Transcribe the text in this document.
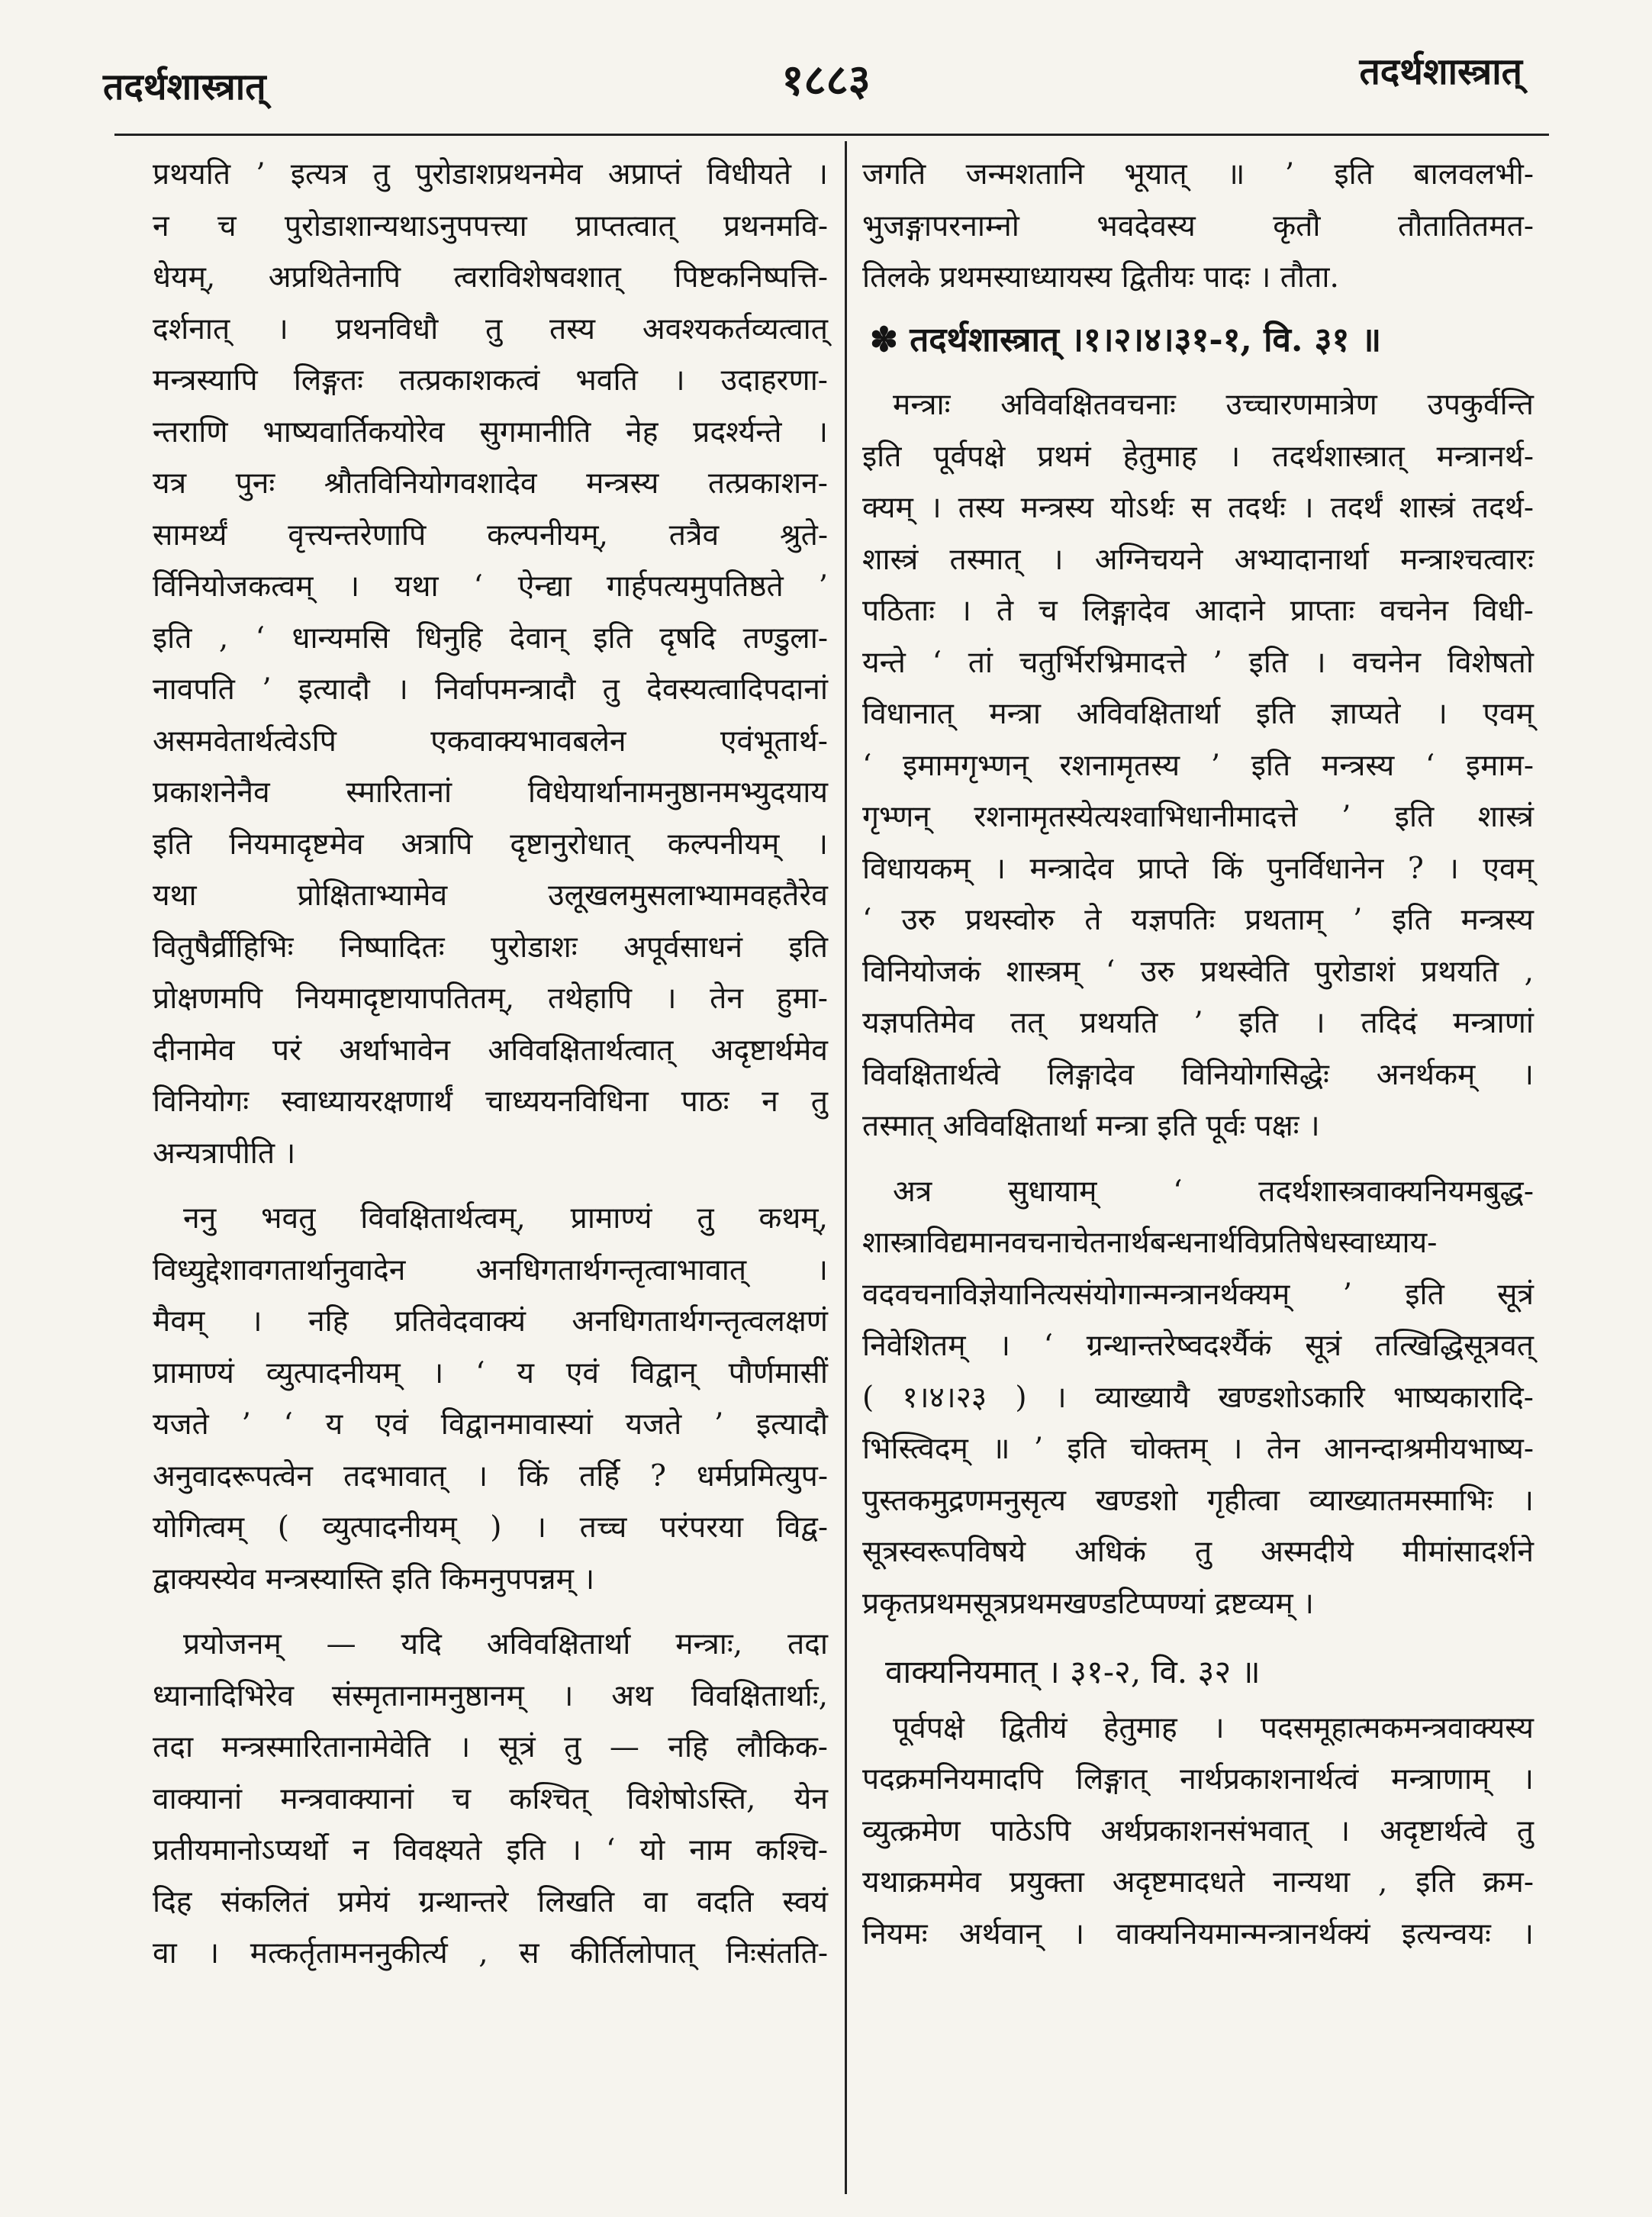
तदर्थशास्त्रात्	१८८३	तदर्थशास्त्रात्

प्रथयति ’ इत्यत्र तु पुरोडाशप्रथनमेव अप्राप्तं विधीयते ।

न च पुरोडाशान्यथाऽनुपपत्त्या प्राप्तत्वात् प्रथनमवि-

धेयम्, अप्रथितेनापि त्वराविशेषवशात् पिष्टकनिष्पत्ति-

दर्शनात् । प्रथनविधौ तु तस्य अवश्यकर्तव्यत्वात्

मन्त्रस्यापि लिङ्गतः तत्प्रकाशकत्वं भवति । उदाहरणा-

न्तराणि भाष्यवार्तिकयोरेव सुगमानीति नेह प्रदर्श्यन्ते ।

यत्र पुनः श्रौतविनियोगवशादेव मन्त्रस्य तत्प्रकाशन-

सामर्थ्यं वृत्त्यन्तरेणापि कल्पनीयम्, तत्रैव श्रुते-

र्विनियोजकत्वम् । यथा ‘ ऐन्द्या गार्हपत्यमुपतिष्ठते ’

इति , ‘ धान्यमसि धिनुहि देवान् इति दृषदि तण्डुला-

नावपति ’ इत्यादौ । निर्वापमन्त्रादौ तु देवस्यत्वादिपदानां

असमवेतार्थत्वेऽपि एकवाक्यभावबलेन एवंभूतार्थ-

प्रकाशनेनैव स्मारितानां विधेयार्थानामनुष्ठानमभ्युदयाय

इति नियमादृष्टमेव अत्रापि दृष्टानुरोधात् कल्पनीयम् ।

यथा प्रोक्षिताभ्यामेव उलूखलमुसलाभ्यामवहतैरेव

वितुषैर्व्रीहिभिः निष्पादितः पुरोडाशः अपूर्वसाधनं इति

प्रोक्षणमपि नियमादृष्टायापतितम्, तथेहापि । तेन हुमा-

दीनामेव परं अर्थाभावेन अविवक्षितार्थत्वात् अदृष्टार्थमेव

विनियोगः स्वाध्यायरक्षणार्थं चाध्ययनविधिना पाठः न तु

अन्यत्रापीति ।

ननु भवतु विवक्षितार्थत्वम्, प्रामाण्यं तु कथम्,

विध्युद्देशावगतार्थानुवादेन अनधिगतार्थगन्तृत्वाभावात् ।

मैवम् । नहि प्रतिवेदवाक्यं अनधिगतार्थगन्तृत्वलक्षणं

प्रामाण्यं व्युत्पादनीयम् । ‘ य एवं विद्वान् पौर्णमासीं

यजते ’ ‘ य एवं विद्वानमावास्यां यजते ’ इत्यादौ

अनुवादरूपत्वेन तदभावात् । किं तर्हि ? धर्मप्रमित्युप-

योगित्वम् ( व्युत्पादनीयम् ) । तच्च परंपरया विद्व-

द्वाक्यस्येव मन्त्रस्यास्ति इति किमनुपपन्नम् ।

प्रयोजनम् — यदि अविवक्षितार्था मन्त्राः, तदा

ध्यानादिभिरेव संस्मृतानामनुष्ठानम् । अथ विवक्षितार्थाः,

तदा मन्त्रस्मारितानामेवेति । सूत्रं तु — नहि लौकिक-

वाक्यानां मन्त्रवाक्यानां च कश्चित् विशेषोऽस्ति, येन

प्रतीयमानोऽप्यर्थो न विवक्ष्यते इति । ‘ यो नाम कश्चि-

दिह संकलितं प्रमेयं ग्रन्थान्तरे लिखति वा वदति स्वयं

वा । मत्कर्तृतामननुकीर्त्य , स कीर्तिलोपात् निःसंतति-

जगति जन्मशतानि भूयात् ॥ ’ इति बालवलभी-

भुजङ्गापरनाम्नो भवदेवस्य कृतौ तौतातितमत-

तिलके प्रथमस्याध्यायस्य द्वितीयः पादः । तौता.

✽ तदर्थशास्त्रात् ।१।२।४।३१-१, वि. ३१ ॥

मन्त्राः अविवक्षितवचनाः उच्चारणमात्रेण उपकुर्वन्ति

इति पूर्वपक्षे प्रथमं हेतुमाह । तदर्थशास्त्रात् मन्त्रानर्थ-

क्यम् । तस्य मन्त्रस्य योऽर्थः स तदर्थः । तदर्थं शास्त्रं तदर्थ-

शास्त्रं तस्मात् । अग्निचयने अभ्यादानार्था मन्त्राश्चत्वारः

पठिताः । ते च लिङ्गादेव आदाने प्राप्ताः वचनेन विधी-

यन्ते ‘ तां चतुर्भिरभ्रिमादत्ते ’ इति । वचनेन विशेषतो

विधानात् मन्त्रा अविवक्षितार्था इति ज्ञाप्यते । एवम्

‘ इमामगृभ्णन् रशनामृतस्य ’ इति मन्त्रस्य ‘ इमाम-

गृभ्णन् रशनामृतस्येत्यश्वाभिधानीमादत्ते ’ इति शास्त्रं

विधायकम् । मन्त्रादेव प्राप्ते किं पुनर्विधानेन ? । एवम्

‘ उरु प्रथस्वोरु ते यज्ञपतिः प्रथताम् ’ इति मन्त्रस्य

विनियोजकं शास्त्रम् ‘ उरु प्रथस्वेति पुरोडाशं प्रथयति ,

यज्ञपतिमेव तत् प्रथयति ’ इति । तदिदं मन्त्राणां

विवक्षितार्थत्वे लिङ्गादेव विनियोगसिद्धेः अनर्थकम् ।

तस्मात् अविवक्षितार्था मन्त्रा इति पूर्वः पक्षः ।

अत्र सुधायाम् ‘ तदर्थशास्त्रवाक्यनियमबुद्ध-

शास्त्राविद्यमानवचनाचेतनार्थबन्धनार्थविप्रतिषेधस्वाध्याय-

वदवचनाविज्ञेयानित्यसंयोगान्मन्त्रानर्थक्यम् ’ इति सूत्रं

निवेशितम् । ‘ ग्रन्थान्तरेष्वदर्श्यैकं सूत्रं तत्खिद्धिसूत्रवत्

( १।४।२३ ) । व्याख्यायै खण्डशोऽकारि भाष्यकारादि-

भिस्त्विदम् ॥ ’ इति चोक्तम् । तेन आनन्दाश्रमीयभाष्य-

पुस्तकमुद्रणमनुसृत्य खण्डशो गृहीत्वा व्याख्यातमस्माभिः ।

सूत्रस्वरूपविषये अधिकं तु अस्मदीये मीमांसादर्शने

प्रकृतप्रथमसूत्रप्रथमखण्डटिप्पण्यां द्रष्टव्यम् ।

वाक्यनियमात् । ३१-२, वि. ३२ ॥

पूर्वपक्षे द्वितीयं हेतुमाह । पदसमूहात्मकमन्त्रवाक्यस्य

पदक्रमनियमादपि लिङ्गात् नार्थप्रकाशनार्थत्वं मन्त्राणाम् ।

व्युत्क्रमेण पाठेऽपि अर्थप्रकाशनसंभवात् । अदृष्टार्थत्वे तु

यथाक्रममेव प्रयुक्ता अदृष्टमादधते नान्यथा , इति क्रम-

नियमः अर्थवान् । वाक्यनियमान्मन्त्रानर्थक्यं इत्यन्वयः ।
